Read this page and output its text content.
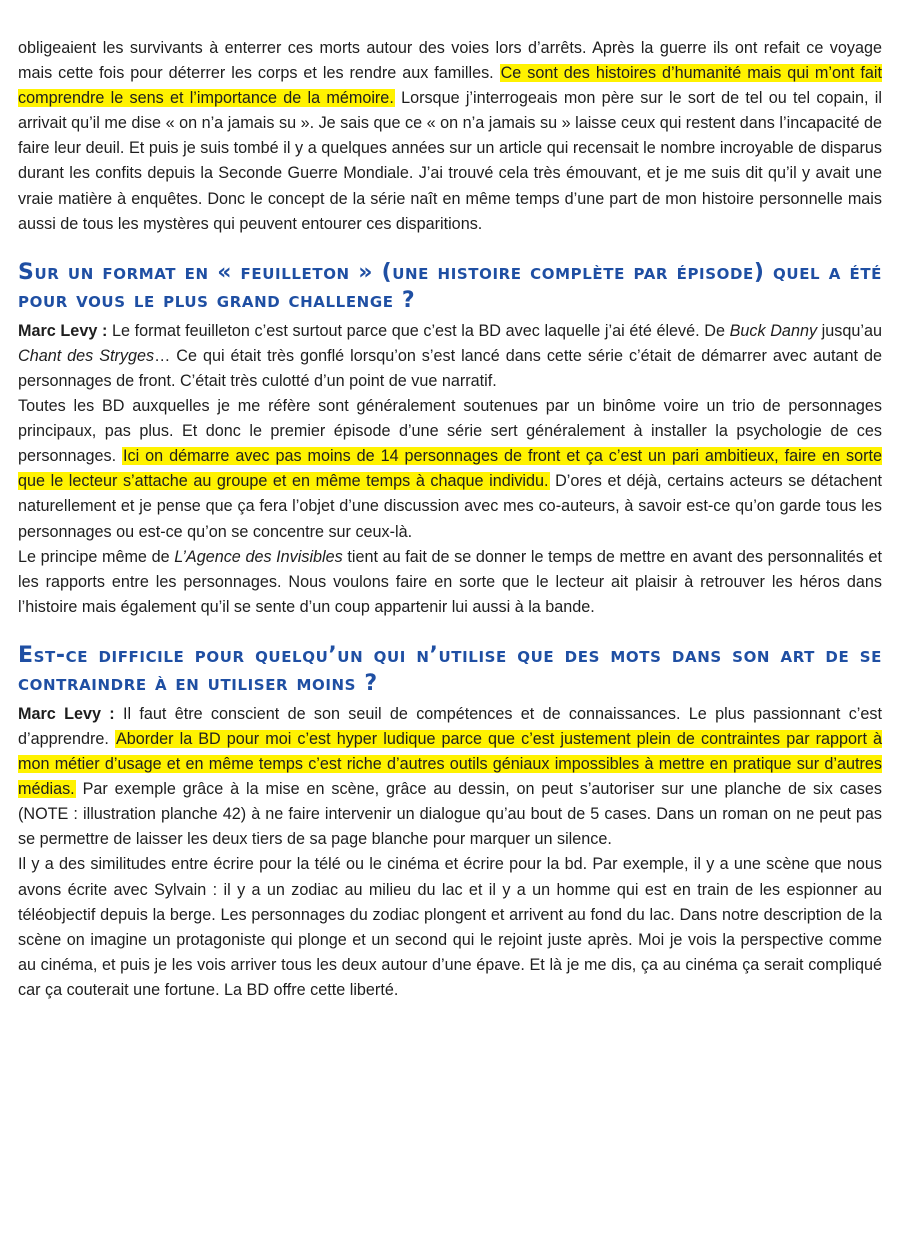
obligeaient les survivants à enterrer ces morts autour des voies lors d’arrêts. Après la guerre ils ont refait ce voyage mais cette fois pour déterrer les corps et les rendre aux familles. Ce sont des histoires d’humanité mais qui m’ont fait comprendre le sens et l’importance de la mémoire. Lorsque j’interrogeais mon père sur le sort de tel ou tel copain, il arrivait qu’il me dise « on n’a jamais su ». Je sais que ce « on n’a jamais su » laisse ceux qui restent dans l’incapacité de faire leur deuil. Et puis je suis tombé il y a quelques années sur un article qui recensait le nombre incroyable de disparus durant les confits depuis la Seconde Guerre Mondiale. J’ai trouvé cela très émouvant, et je me suis dit qu’il y avait une vraie matière à enquêtes. Donc le concept de la série naît en même temps d’une part de mon histoire personnelle mais aussi de tous les mystères qui peuvent entourer ces disparitions.

Sur un format en « feuilleton » (une histoire complète par épisode) quel a été pour vous le plus grand challenge ?

Marc Levy : Le format feuilleton c’est surtout parce que c’est la BD avec laquelle j’ai été élevé. De Buck Danny jusqu’au Chant des Stryges… Ce qui était très gonflé lorsqu’on s’est lancé dans cette série c’était de démarrer avec autant de personnages de front. C’était très culotté d’un point de vue narratif.

Toutes les BD auxquelles je me réfère sont généralement soutenues par un binôme voire un trio de personnages principaux, pas plus. Et donc le premier épisode d’une série sert généralement à installer la psychologie de ces personnages. Ici on démarre avec pas moins de 14 personnages de front et ça c’est un pari ambitieux, faire en sorte que le lecteur s’attache au groupe et en même temps à chaque individu. D’ores et déjà, certains acteurs se détachent naturellement et je pense que ça fera l’objet d’une discussion avec mes co-auteurs, à savoir est-ce qu’on garde tous les personnages ou est-ce qu’on se concentre sur ceux-là.

Le principe même de L’Agence des Invisibles tient au fait de se donner le temps de mettre en avant des personnalités et les rapports entre les personnages. Nous voulons faire en sorte que le lecteur ait plaisir à retrouver les héros dans l’histoire mais également qu’il se sente d’un coup appartenir lui aussi à la bande.

Est-ce difficile pour quelqu’un qui n’utilise que des mots dans son art de se contraindre à en utiliser moins ?

Marc Levy : Il faut être conscient de son seuil de compétences et de connaissances. Le plus passionnant c’est d’apprendre. Aborder la BD pour moi c’est hyper ludique parce que c’est justement plein de contraintes par rapport à mon métier d’usage et en même temps c’est riche d’autres outils géniaux impossibles à mettre en pratique sur d’autres médias. Par exemple grâce à la mise en scène, grâce au dessin, on peut s’autoriser sur une planche de six cases (NOTE : illustration planche 42) à ne faire intervenir un dialogue qu’au bout de 5 cases. Dans un roman on ne peut pas se permettre de laisser les deux tiers de sa page blanche pour marquer un silence.

Il y a des similitudes entre écrire pour la télé ou le cinéma et écrire pour la bd. Par exemple, il y a une scène que nous avons écrite avec Sylvain : il y a un zodiac au milieu du lac et il y a un homme qui est en train de les espionner au téléobjectif depuis la berge. Les personnages du zodiac plongent et arrivent au fond du lac. Dans notre description de la scène on imagine un protagoniste qui plonge et un second qui le rejoint juste après. Moi je vois la perspective comme au cinéma, et puis je les vois arriver tous les deux autour d’une épave. Et là je me dis, ça au cinéma ça serait compliqué car ça couterait une fortune. La BD offre cette liberté.
